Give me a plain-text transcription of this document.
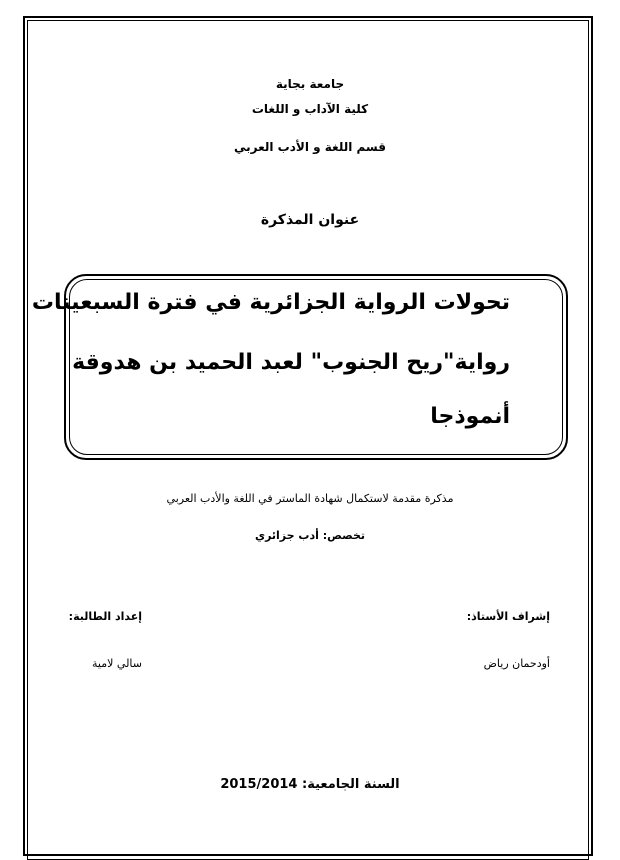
جامعة بجاية
كلية الآداب و اللغات
قسم اللغة و الأدب العربي
عنوان المذكرة
تحولات الرواية الجزائرية في فترة السبعينات
رواية"ريح الجنوب" لعبد الحميد بن هدوقة
أنموذجا
مذكرة مقدمة لاستكمال شهادة الماستر في اللغة والأدب العربي
تخصص: أدب جزائري
إشراف الأستاذ:
إعداد الطالبة:
أودحمان رياض
سالي لامية
السنة الجامعية: 2015/2014
